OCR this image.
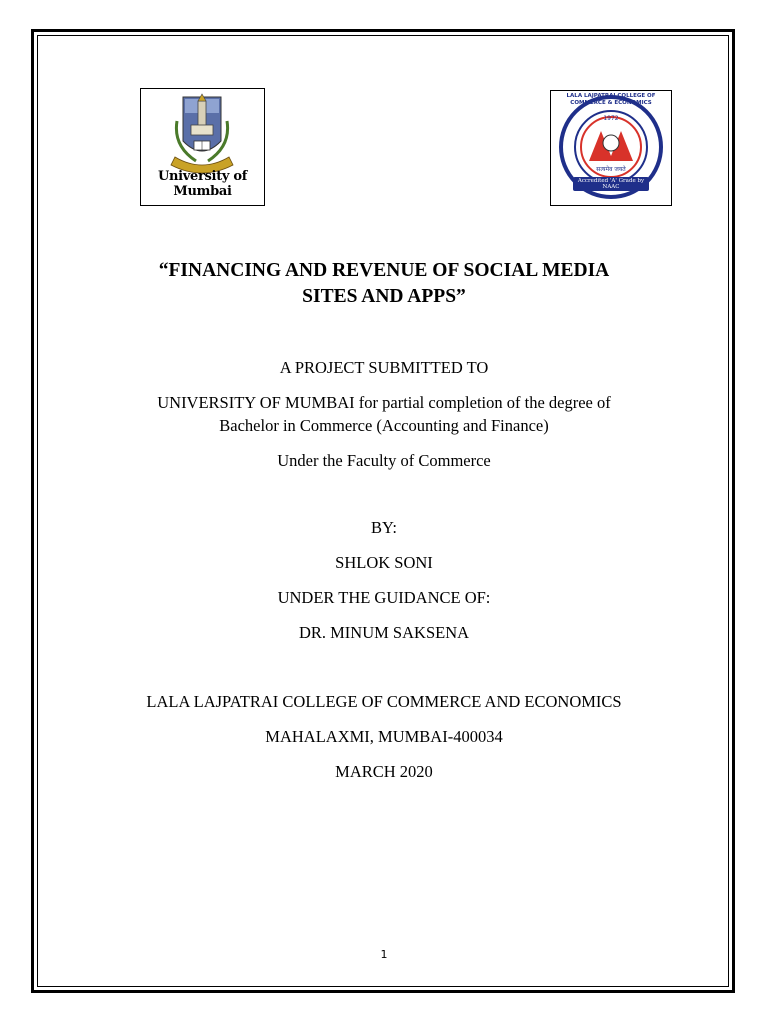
University of Mumbai
LALA LAJPATRAI COLLEGE OF COMMERCE & ECONOMICS
1972
सत्यमेव जयते
Accredited 'A' Grade by NAAC
“FINANCING AND REVENUE OF SOCIAL MEDIA
SITES AND APPS”
A PROJECT SUBMITTED TO
UNIVERSITY OF MUMBAI for partial completion of the degree of
Bachelor in Commerce (Accounting and Finance)
Under the Faculty of Commerce
BY:
SHLOK SONI
UNDER THE GUIDANCE OF:
DR. MINUM SAKSENA
LALA LAJPATRAI COLLEGE OF COMMERCE AND ECONOMICS
MAHALAXMI, MUMBAI-400034
MARCH 2020
1
